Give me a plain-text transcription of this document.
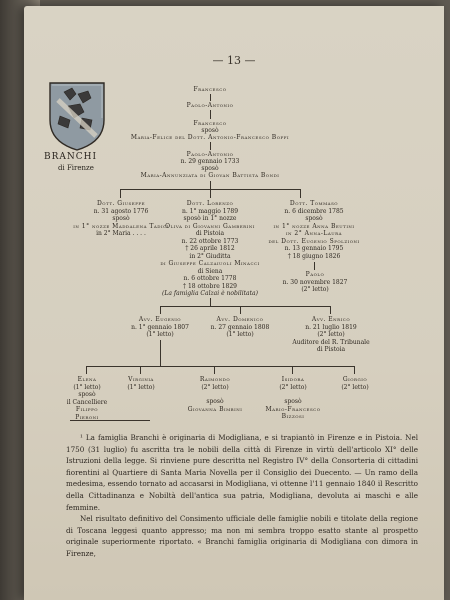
— 13 —
BRANCHI
di Firenze
Francesco
Paolo-Antonio
Francesco
sposò
Maria-Felice del Dott. Antonio-Francesco Boffi
Paolo-Antonio
n. 29 gennaio 1733
sposò
Maria-Annunziata di Giovan Battista Bondi
Dott. Giuseppe
n. 31 agosto 1776
sposò
in 1° nozze Maddalena Tadici
in 2° Maria . . . .
Dott. Lorenzo
n. 1° maggio 1789
sposò in 1° nozze
Oliva di Giovanni Gamberini
di Pistoia
n. 22 ottobre 1773
† 26 aprile 1812
in 2° Giuditta
di Giuseppe Calzaiuoli Minacci
di Siena
n. 6 ottobre 1778
† 18 ottobre 1829
(La famiglia Calzai è nobilitata)
Dott. Tommaso
n. 6 dicembre 1785
sposò
in 1° nozze Anna Beutini
in 2° Anna-Laura
del Dott. Eugenio Spolzioni
n. 13 gennaio 1795
† 18 giugno 1826
Paolo
n. 30 novembre 1827
(2° letto)
Avv. Eugenio
n. 1° gennaio 1807
(1° letto)
Avv. Domenico
n. 27 gennaio 1808
(1° letto)
Avv. Enrico
n. 21 luglio 1819
(2° letto)
Auditore del R. Tribunale
di Pistoia
Elena
(1° letto)
sposò
il Cancelliere
Filippo
Pieroni
Virginia
(1° letto)
Raimondo
(2° letto)
sposò
Giovanna Bimbini
Isidora
(2° letto)
sposò
Mario-Francesco
Bizzosi
Giorgio
(2° letto)

¹ La famiglia Branchi è originaria di Modigliana, e si trapiantò in Firenze e in Pistoia. Nel 1750 (31 luglio) fu ascritta tra le nobili della città di Firenze in virtù dell'articolo XI° delle Istruzioni della legge. Si rinviene pure descritta nel Registro IV° della Consorteria di cittadini fiorentini al Quartiere di Santa Maria Novella per il Consiglio dei Duecento. — Un ramo della medesima, essendo tornato ad accasarsi in Modigliana, vi ottenne l'11 gennaio 1840 il Rescritto della Cittadinanza e Nobiltà dell'antica sua patria, Modigliana, devoluta ai maschi e alle femmine.

Nel risultato definitivo del Consimento ufficiale delle famiglie nobili e titolate della regione di Toscana leggesi quanto appresso; ma non mi sembra troppo esatto stante al prospetto originale superiormente riportato. « Branchi famiglia originaria di Modigliana con dimora in Firenze,
